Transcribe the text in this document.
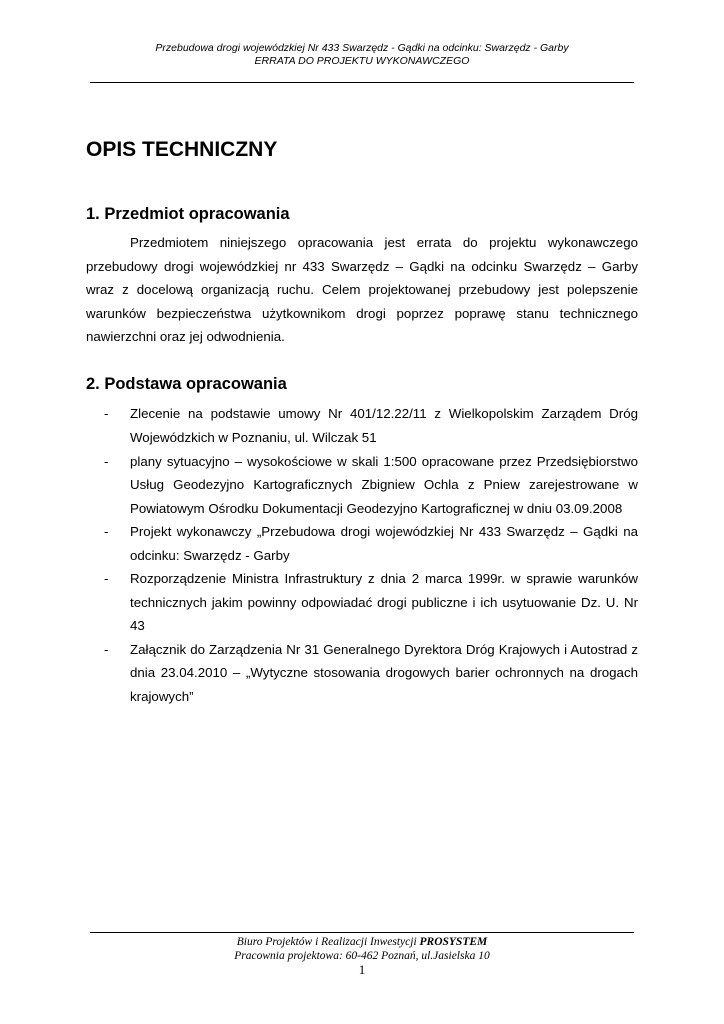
Przebudowa drogi wojewódzkiej Nr 433 Swarzędz - Gądki na odcinku: Swarzędz - Garby
ERRATA DO PROJEKTU WYKONAWCZEGO
OPIS TECHNICZNY
1. Przedmiot opracowania

Przedmiotem niniejszego opracowania jest errata do projektu wykonawczego przebudowy drogi wojewódzkiej nr 433 Swarzędz – Gądki na odcinku Swarzędz – Garby wraz z docelową organizacją ruchu. Celem projektowanej przebudowy jest polepszenie warunków bezpieczeństwa użytkownikom drogi poprzez poprawę stanu technicznego nawierzchni oraz jej odwodnienia.

2. Podstawa opracowania
- Zlecenie na podstawie umowy Nr 401/12.22/11 z Wielkopolskim Zarządem Dróg Wojewódzkich w Poznaniu, ul. Wilczak 51
- plany sytuacyjno – wysokościowe w skali 1:500 opracowane przez Przedsiębiorstwo Usług Geodezyjno Kartograficznych Zbigniew Ochla z Pniew zarejestrowane w Powiatowym Ośrodku Dokumentacji Geodezyjno Kartograficznej w dniu 03.09.2008
- Projekt wykonawczy „Przebudowa drogi wojewódzkiej Nr 433 Swarzędz – Gądki na odcinku: Swarzędz - Garby
- Rozporządzenie Ministra Infrastruktury z dnia 2 marca 1999r. w sprawie warunków technicznych jakim powinny odpowiadać drogi publiczne i ich usytuowanie Dz. U. Nr 43
- Załącznik do Zarządzenia Nr 31 Generalnego Dyrektora Dróg Krajowych i Autostrad z dnia 23.04.2010 – „Wytyczne stosowania drogowych barier ochronnych na drogach krajowych”
Biuro Projektów i Realizacji Inwestycji PROSYSTEM
Pracownia projektowa: 60-462 Poznań, ul.Jasielska 10
1
